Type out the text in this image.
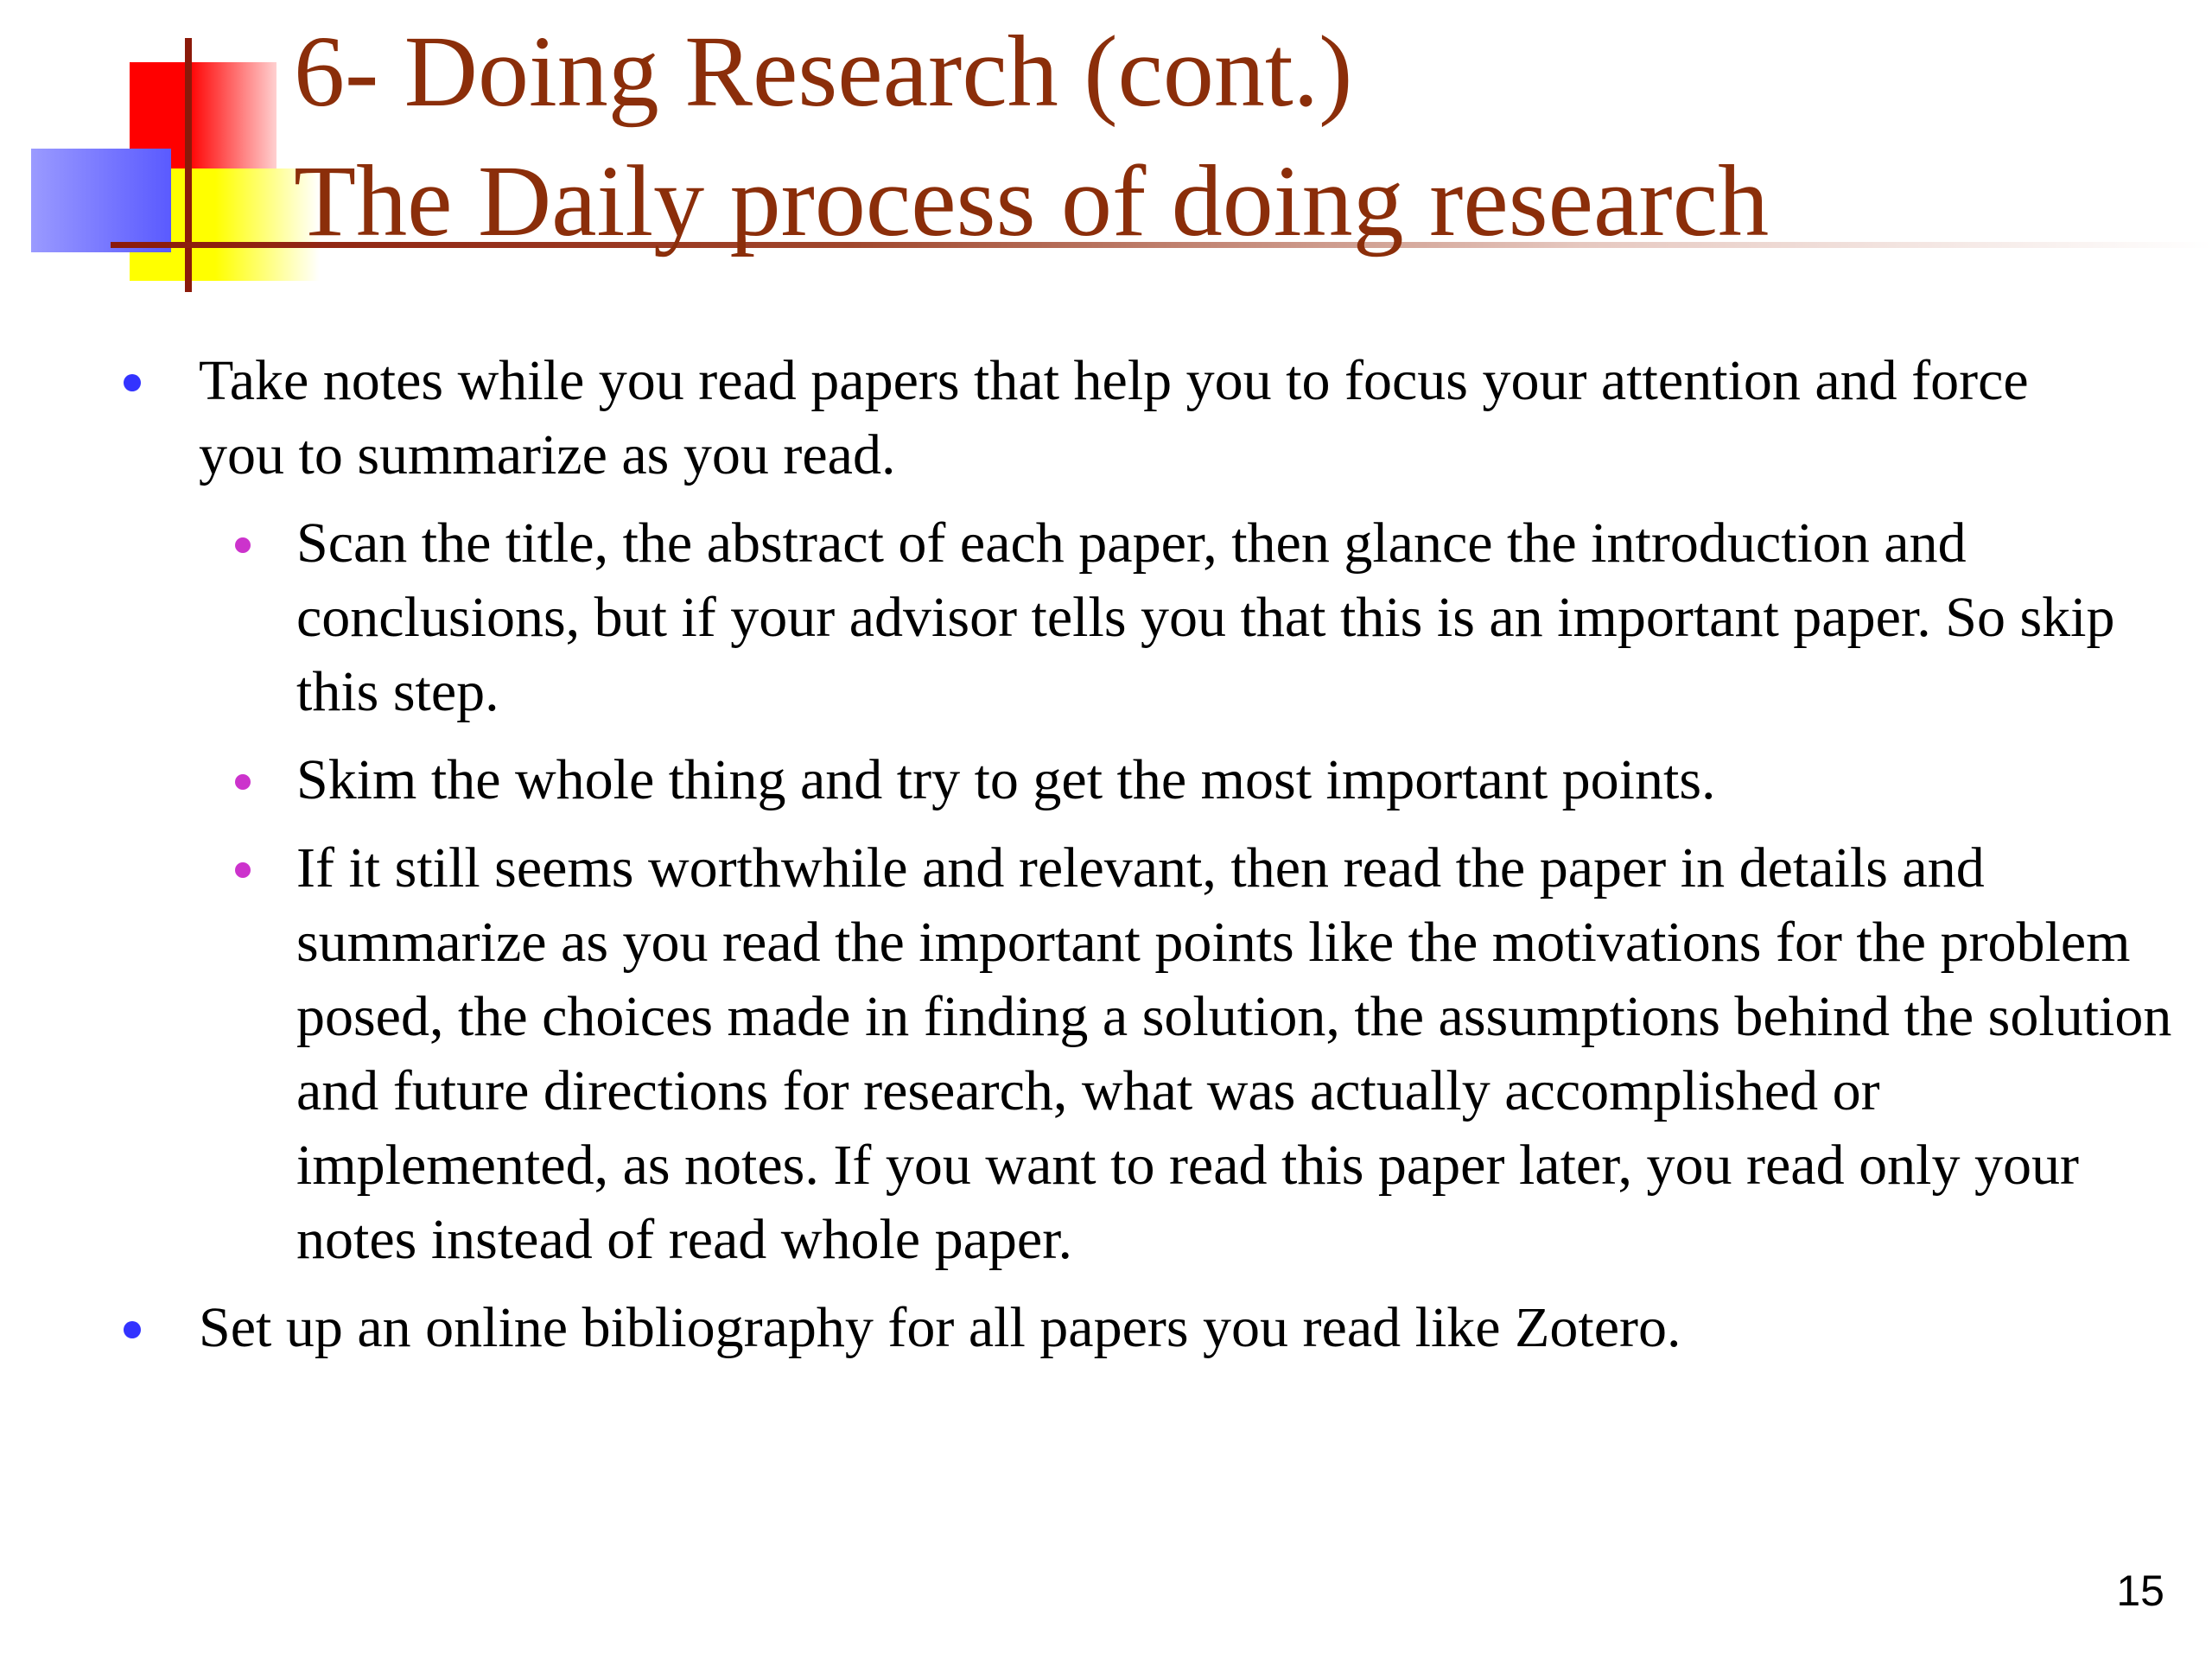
6- Doing Research (cont.)
The Daily process of doing research

Take notes while you read papers that help you to focus your attention and force you to summarize as you read.

Scan the title, the abstract of each paper, then glance the introduction and conclusions, but if your advisor tells you that this is an important paper. So skip this step.

Skim the whole thing and try to get the most important points.

If it still seems worthwhile and relevant, then read the paper in details and summarize as you read the important points like the motivations for the problem posed, the choices made in finding a solution, the assumptions behind the solution and future directions for research, what was actually accomplished or implemented, as notes. If you want to read this paper later, you read only your notes instead of read whole paper.

Set up an online bibliography for all papers you read like Zotero.

15
